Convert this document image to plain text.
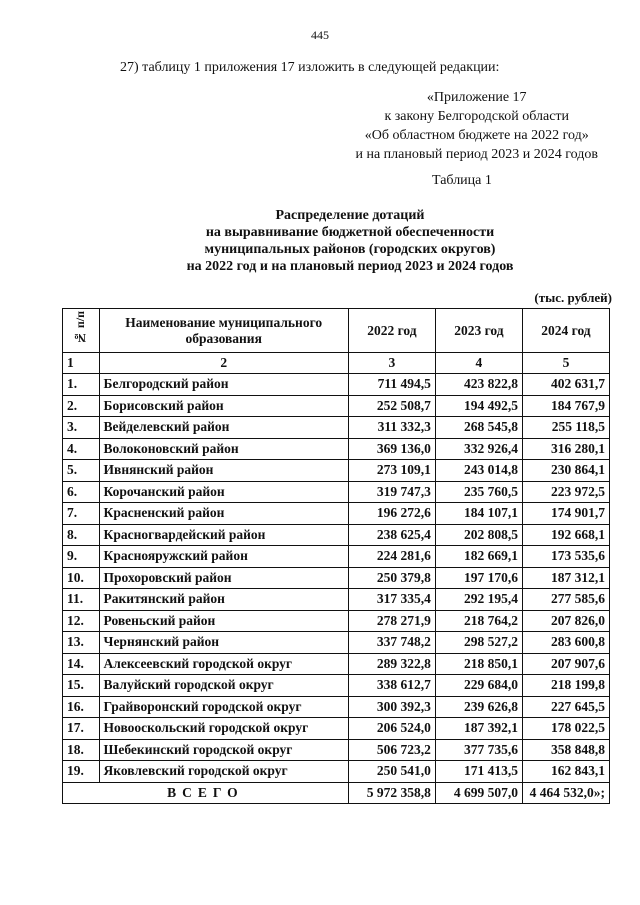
445
27) таблицу 1 приложения 17 изложить в следующей редакции:
«Приложение 17
к закону Белгородской области
«Об областном бюджете на 2022 год»
и на плановый период 2023 и 2024 годов
Таблица 1
Распределение дотаций
на выравнивание бюджетной обеспеченности
муниципальных районов (городских округов)
на 2022 год и на плановый период 2023 и 2024 годов
(тыс. рублей)
№ п/п	Наименование муниципального образования	2022 год	2023 год	2024 год
1	2	3	4	5
1.	Белгородский район	711 494,5	423 822,8	402 631,7
2.	Борисовский район	252 508,7	194 492,5	184 767,9
3.	Вейделевский район	311 332,3	268 545,8	255 118,5
4.	Волоконовский район	369 136,0	332 926,4	316 280,1
5.	Ивнянский район	273 109,1	243 014,8	230 864,1
6.	Корочанский район	319 747,3	235 760,5	223 972,5
7.	Красненский район	196 272,6	184 107,1	174 901,7
8.	Красногвардейский район	238 625,4	202 808,5	192 668,1
9.	Краснояружский район	224 281,6	182 669,1	173 535,6
10.	Прохоровский район	250 379,8	197 170,6	187 312,1
11.	Ракитянский район	317 335,4	292 195,4	277 585,6
12.	Ровеньский район	278 271,9	218 764,2	207 826,0
13.	Чернянский район	337 748,2	298 527,2	283 600,8
14.	Алексеевский городской округ	289 322,8	218 850,1	207 907,6
15.	Валуйский городской округ	338 612,7	229 684,0	218 199,8
16.	Грайворонский городской округ	300 392,3	239 626,8	227 645,5
17.	Новооскольский городской округ	206 524,0	187 392,1	178 022,5
18.	Шебекинский городской округ	506 723,2	377 735,6	358 848,8
19.	Яковлевский городской округ	250 541,0	171 413,5	162 843,1
ВСЕГО		5 972 358,8	4 699 507,0	4 464 532,0»;
